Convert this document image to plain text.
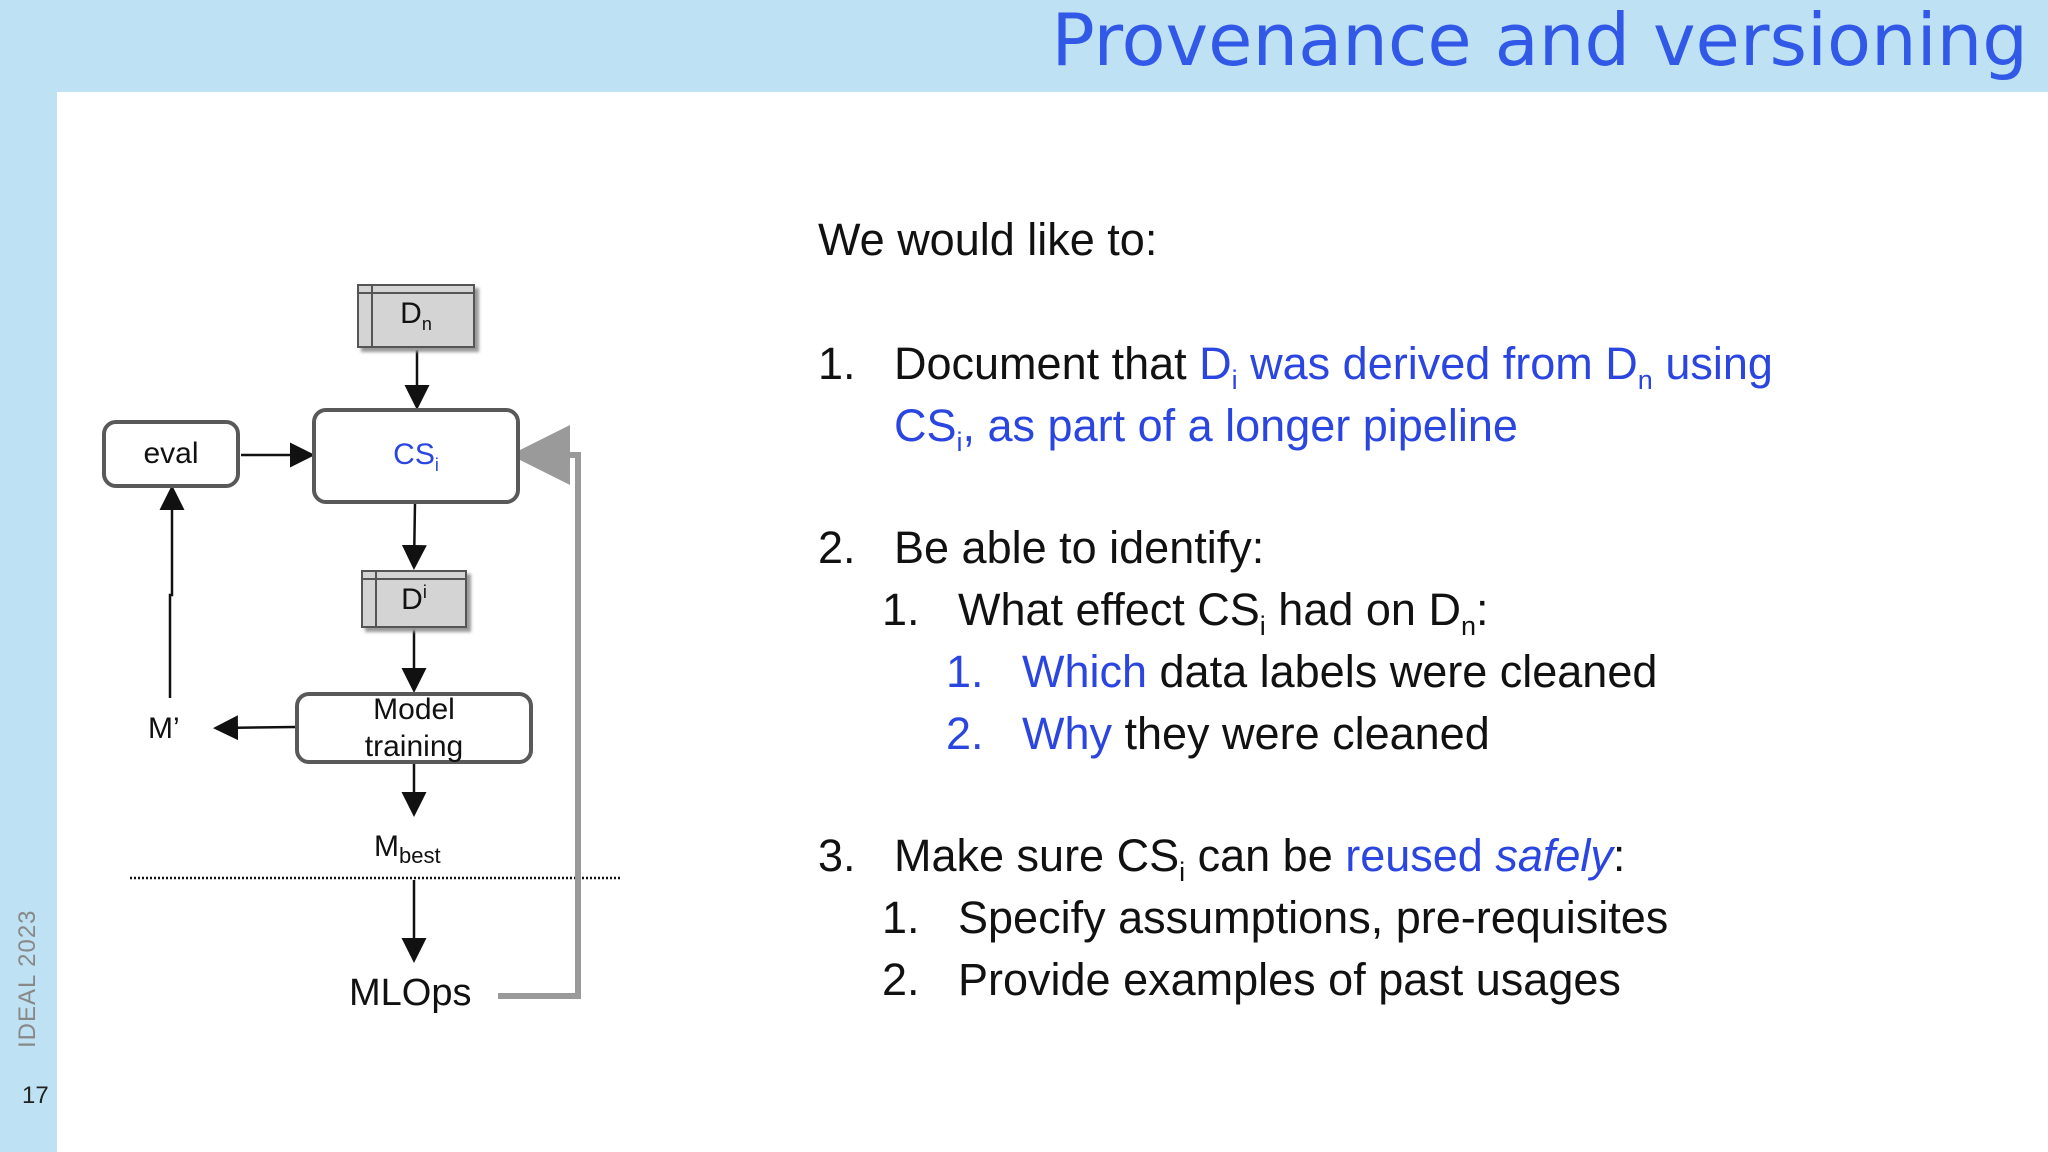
Provenance and versioning
IDEAL 2023
17
$D_n$
$CS_i$
eval
$D^i$
Model training
M’
$M_{best}$
MLOps
We would like to:
1. Document that $D_i$ was derived from $D_n$ using
$CS_i$, as part of a longer pipeline
2. Be able to identify:
1. What effect $CS_i$ had on $D_n$:
1. Which data labels were cleaned
2. Why they were cleaned
3. Make sure $CS_i$ can be reused safely:
1. Specify assumptions, pre-requisites
2. Provide examples of past usages
